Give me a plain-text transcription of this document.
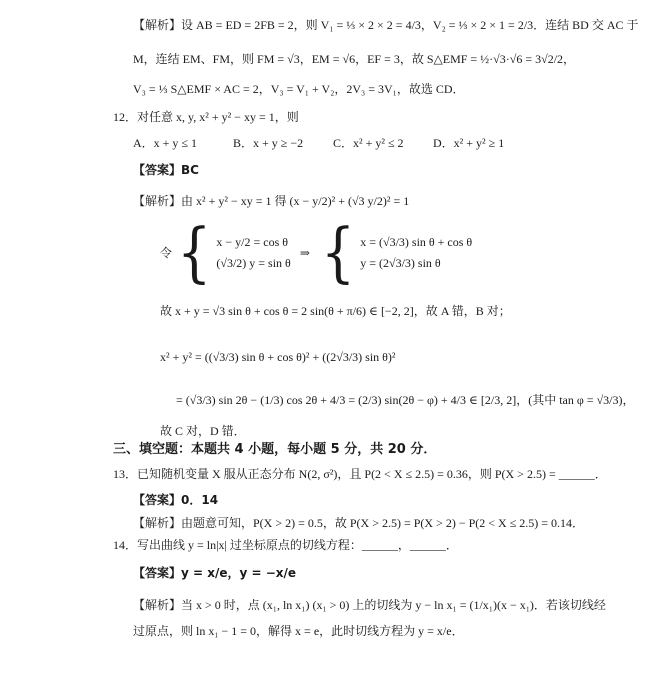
【解析】设 AB = ED = 2FB = 2，则 V₁ = ⅓ × 2 × 2 = 4/3，V₂ = ⅓ × 2 × 1 = 2/3．连结 BD 交 AC 于
M，连结 EM、FM，则 FM = √3，EM = √6，EF = 3，故 S△EMF = ½·√3·√6 = 3√2/2，
V₃ = ⅓ S△EMF × AC = 2，V₃ = V₁ + V₂，2V₃ = 3V₁，故选 CD．
12．对任意 x, y, x² + y² − xy = 1，则
A．x + y ≤ 1	B．x + y ≥ −2	C．x² + y² ≤ 2	D．x² + y² ≥ 1
【答案】BC
【解析】由 x² + y² − xy = 1 得 (x − y/2)² + (√3 y/2)² = 1
令 { x − y/2 = cos θ
(√3/2) y = sin θ
⇒ { x = (√3/3) sin θ + cos θ
y = (2√3/3) sin θ
故 x + y = √3 sin θ + cos θ = 2 sin(θ + π/6) ∈ [−2, 2]，故 A 错，B 对；
x² + y² = ((√3/3) sin θ + cos θ)² + ((2√3/3) sin θ)²
= (√3/3) sin 2θ − (1/3) cos 2θ + 4/3 = (2/3) sin(2θ − φ) + 4/3 ∈ [2/3, 2]，(其中 tan φ = √3/3)，
故 C 对，D 错．
三、填空题：本题共 4 小题，每小题 5 分，共 20 分．
13．已知随机变量 X 服从正态分布 N(2, σ²)，且 P(2 < X ≤ 2.5) = 0.36，则 P(X > 2.5) = ______．
【答案】0．14
【解析】由题意可知，P(X > 2) = 0.5，故 P(X > 2.5) = P(X > 2) − P(2 < X ≤ 2.5) = 0.14．
14．写出曲线 y = ln|x| 过坐标原点的切线方程：______，______．
【答案】y = x/e，y = −x/e
【解析】当 x > 0 时，点 (x₁, ln x₁) (x₁ > 0) 上的切线为 y − ln x₁ = (1/x₁)(x − x₁)．若该切线经
过原点，则 ln x₁ − 1 = 0，解得 x = e，此时切线方程为 y = x/e．
